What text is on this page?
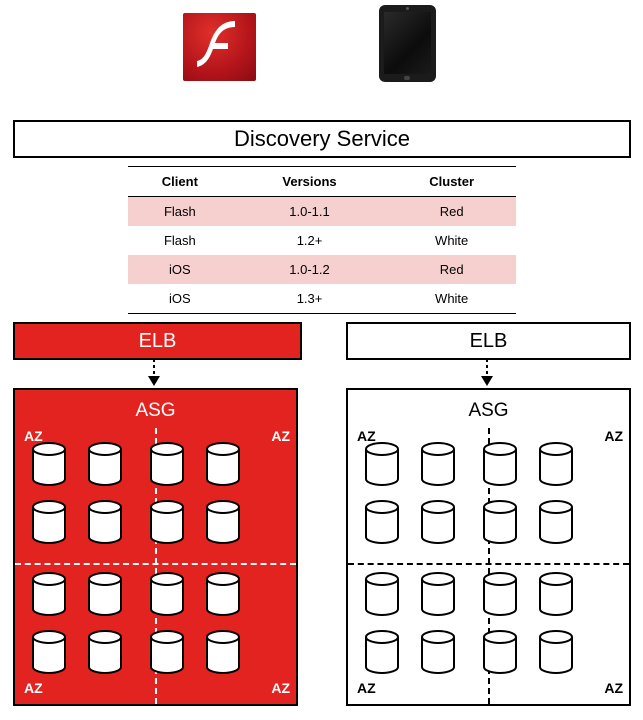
Discovery Service
Client	Versions	Cluster
Flash	1.0-1.1	Red
Flash	1.2+	White
iOS	1.0-1.2	Red
iOS	1.3+	White
ELB
ASG
AZ	AZ
AZ	AZ
ELB
ASG
AZ	AZ
AZ	AZ
